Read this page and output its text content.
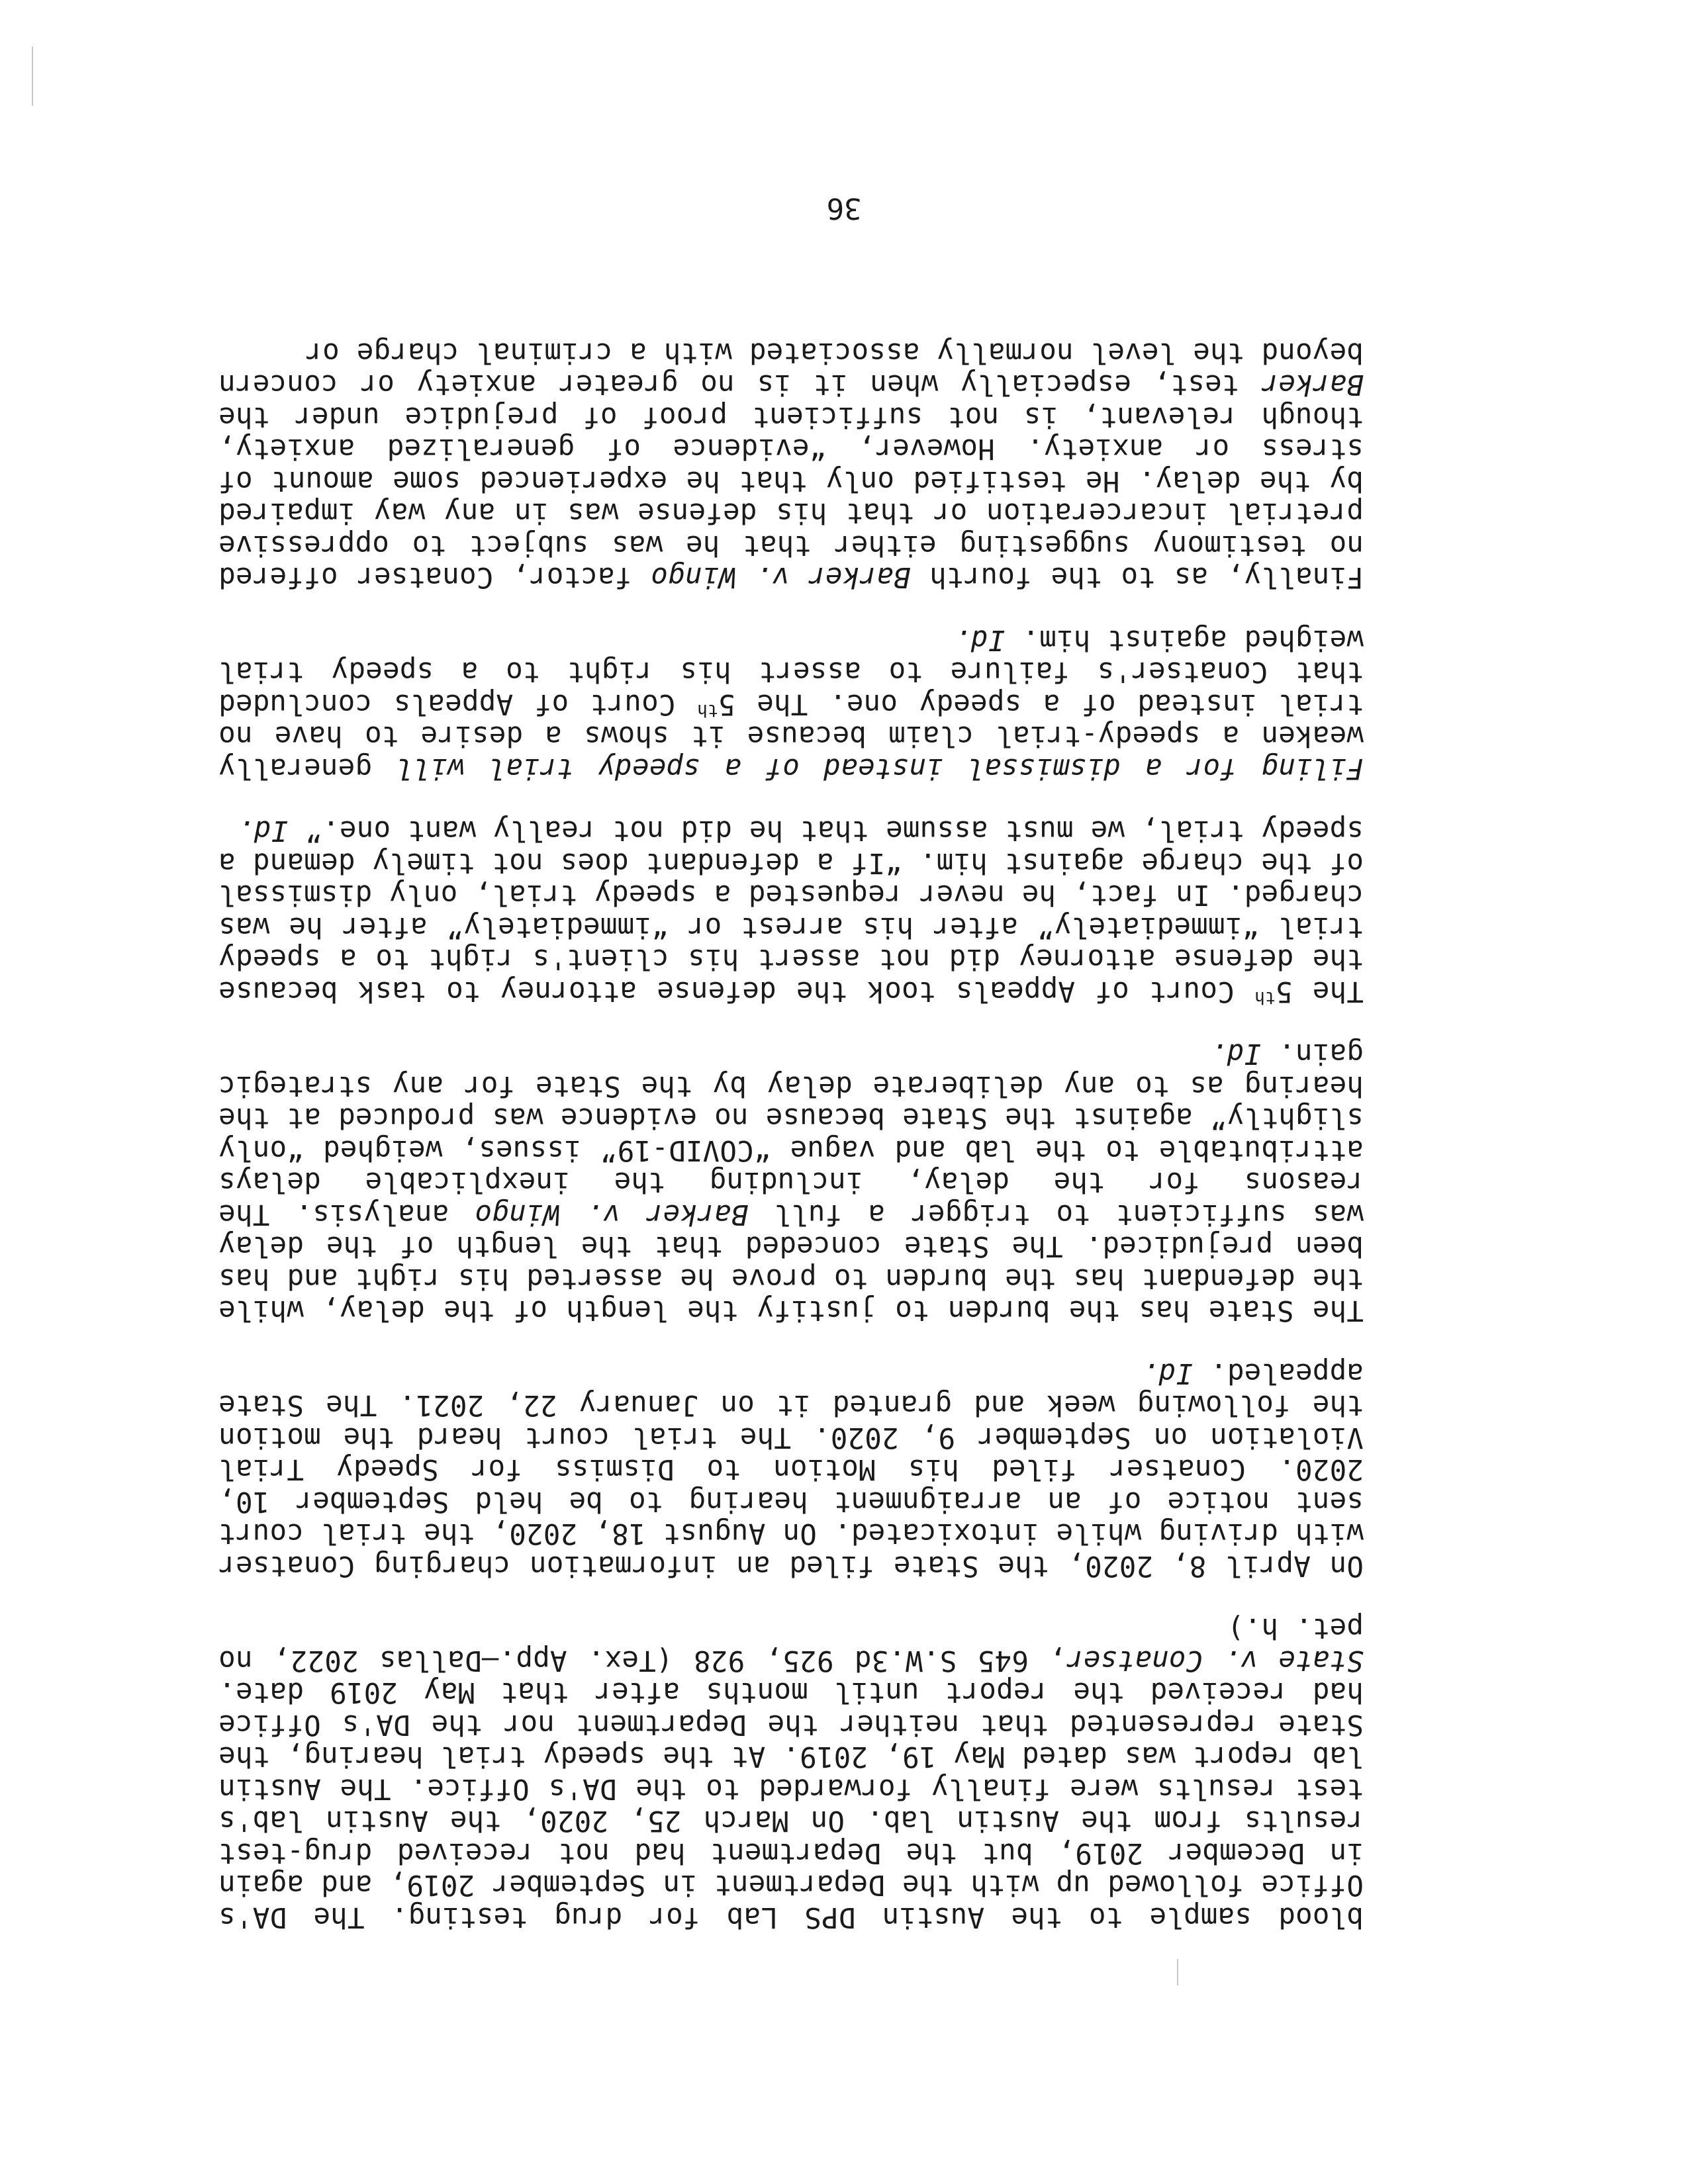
blood sample to the Austin DPS Lab for drug testing. The DA's Office followed up with the Department in September 2019, and again in December 2019, but the Department had not received drug-test results from the Austin lab. On March 25, 2020, the Austin lab's test results were finally forwarded to the DA's Office. The Austin lab report was dated May 19, 2019. At the speedy trial hearing, the State represented that neither the Department nor the DA's Office had received the report until months after that May 2019 date. State v. Conatser, 645 S.W.3d 925, 928 (Tex. App.—Dallas 2022, no pet. h.)

On April 8, 2020, the State filed an information charging Conatser with driving while intoxicated. On August 18, 2020, the trial court sent notice of an arraignment hearing to be held September 10, 2020. Conatser filed his Motion to Dismiss for Speedy Trial Violation on September 9, 2020. The trial court heard the motion the following week and granted it on January 22, 2021. The State appealed. Id.

The State has the burden to justify the length of the delay, while the defendant has the burden to prove he asserted his right and has been prejudiced. The State conceded that the length of the delay was sufficient to trigger a full Barker v. Wingo analysis. The reasons for the delay, including the inexplicable delays attributable to the lab and vague “COVID-19” issues, weighed “only slightly” against the State because no evidence was produced at the hearing as to any deliberate delay by the State for any strategic gain. Id.

The 5th Court of Appeals took the defense attorney to task because the defense attorney did not assert his client's right to a speedy trial “immediately” after his arrest or “immediately” after he was charged. In fact, he never requested a speedy trial, only dismissal of the charge against him. “If a defendant does not timely demand a speedy trial, we must assume that he did not really want one.” Id.

Filing for a dismissal instead of a speedy trial will generally weaken a speedy-trial claim because it shows a desire to have no trial instead of a speedy one. The 5th Court of Appeals concluded that Conatser's failure to assert his right to a speedy trial weighed against him. Id.

Finally, as to the fourth Barker v. Wingo factor, Conatser offered no testimony suggesting either that he was subject to oppressive pretrial incarceration or that his defense was in any way impaired by the delay. He testified only that he experienced some amount of stress or anxiety. However, “evidence of generalized anxiety, though relevant, is not sufficient proof of prejudice under the Barker test, especially when it is no greater anxiety or concern beyond the level normally associated with a criminal charge or

36
